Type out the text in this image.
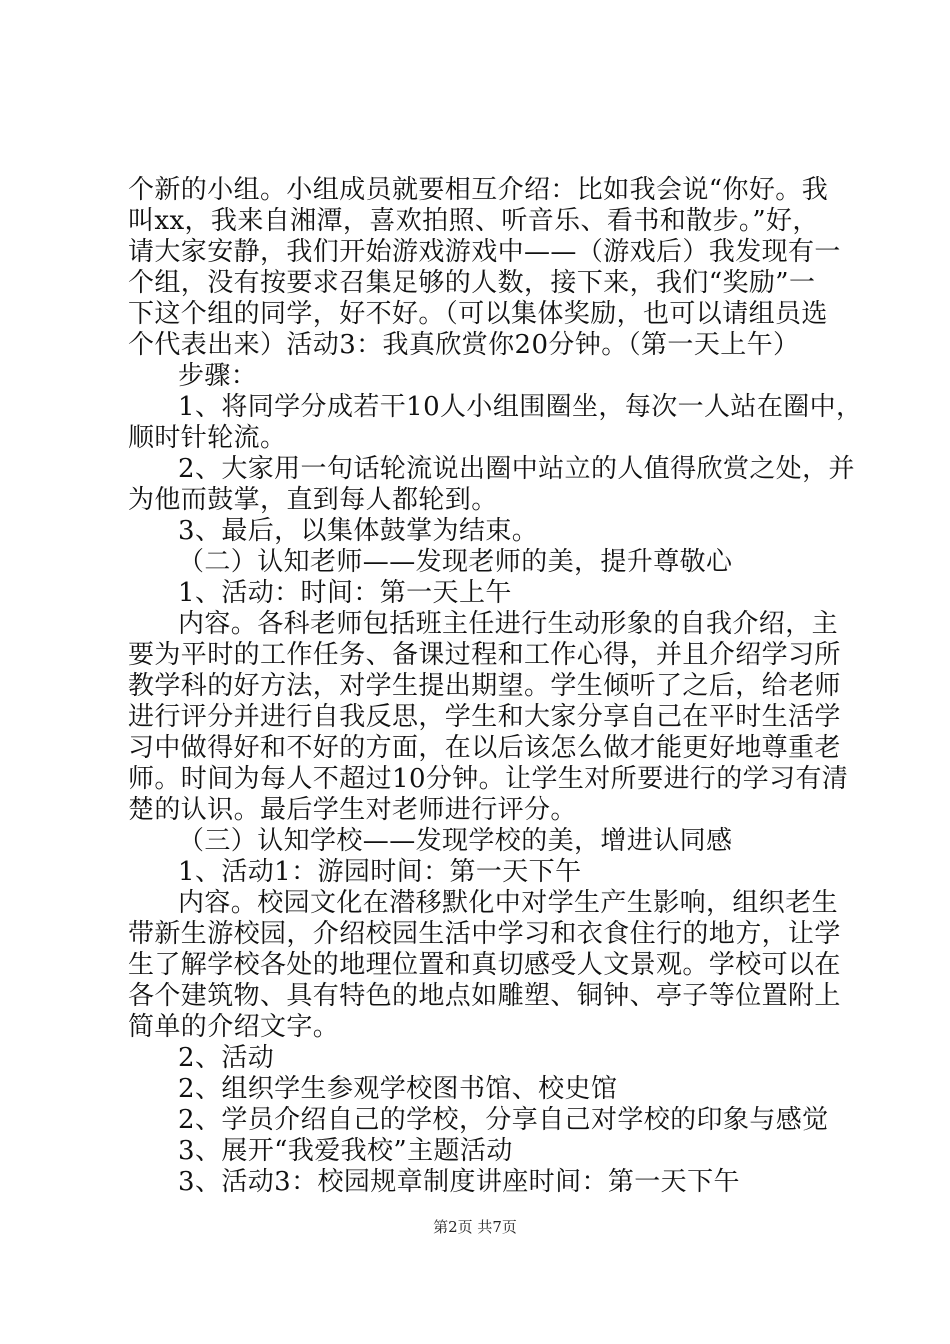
个新的小组。小组成员就要相互介绍：比如我会说“你好。我
叫xx，我来自湘潭，喜欢拍照、听音乐、看书和散步。”好，
请大家安静，我们开始游戏游戏中——（游戏后）我发现有一
个组，没有按要求召集足够的人数，接下来，我们“奖励”一
下这个组的同学，好不好。（可以集体奖励，也可以请组员选
个代表出来）活动3：我真欣赏你20分钟。（第一天上午）
步骤：
1、将同学分成若干10人小组围圈坐，每次一人站在圈中，
顺时针轮流。
2、大家用一句话轮流说出圈中站立的人值得欣赏之处，并
为他而鼓掌，直到每人都轮到。
3、最后，以集体鼓掌为结束。
（二）认知老师——发现老师的美，提升尊敬心
1、活动：时间：第一天上午
内容。各科老师包括班主任进行生动形象的自我介绍，主
要为平时的工作任务、备课过程和工作心得，并且介绍学习所
教学科的好方法，对学生提出期望。学生倾听了之后，给老师
进行评分并进行自我反思，学生和大家分享自己在平时生活学
习中做得好和不好的方面，在以后该怎么做才能更好地尊重老
师。时间为每人不超过10分钟。让学生对所要进行的学习有清
楚的认识。最后学生对老师进行评分。
（三）认知学校——发现学校的美，增进认同感
1、活动1：游园时间：第一天下午
内容。校园文化在潜移默化中对学生产生影响，组织老生
带新生游校园，介绍校园生活中学习和衣食住行的地方，让学
生了解学校各处的地理位置和真切感受人文景观。学校可以在
各个建筑物、具有特色的地点如雕塑、铜钟、亭子等位置附上
简单的介绍文字。
2、活动
2、组织学生参观学校图书馆、校史馆
2、学员介绍自己的学校，分享自己对学校的印象与感觉
3、展开“我爱我校”主题活动
3、活动3：校园规章制度讲座时间：第一天下午
第2页 共7页
